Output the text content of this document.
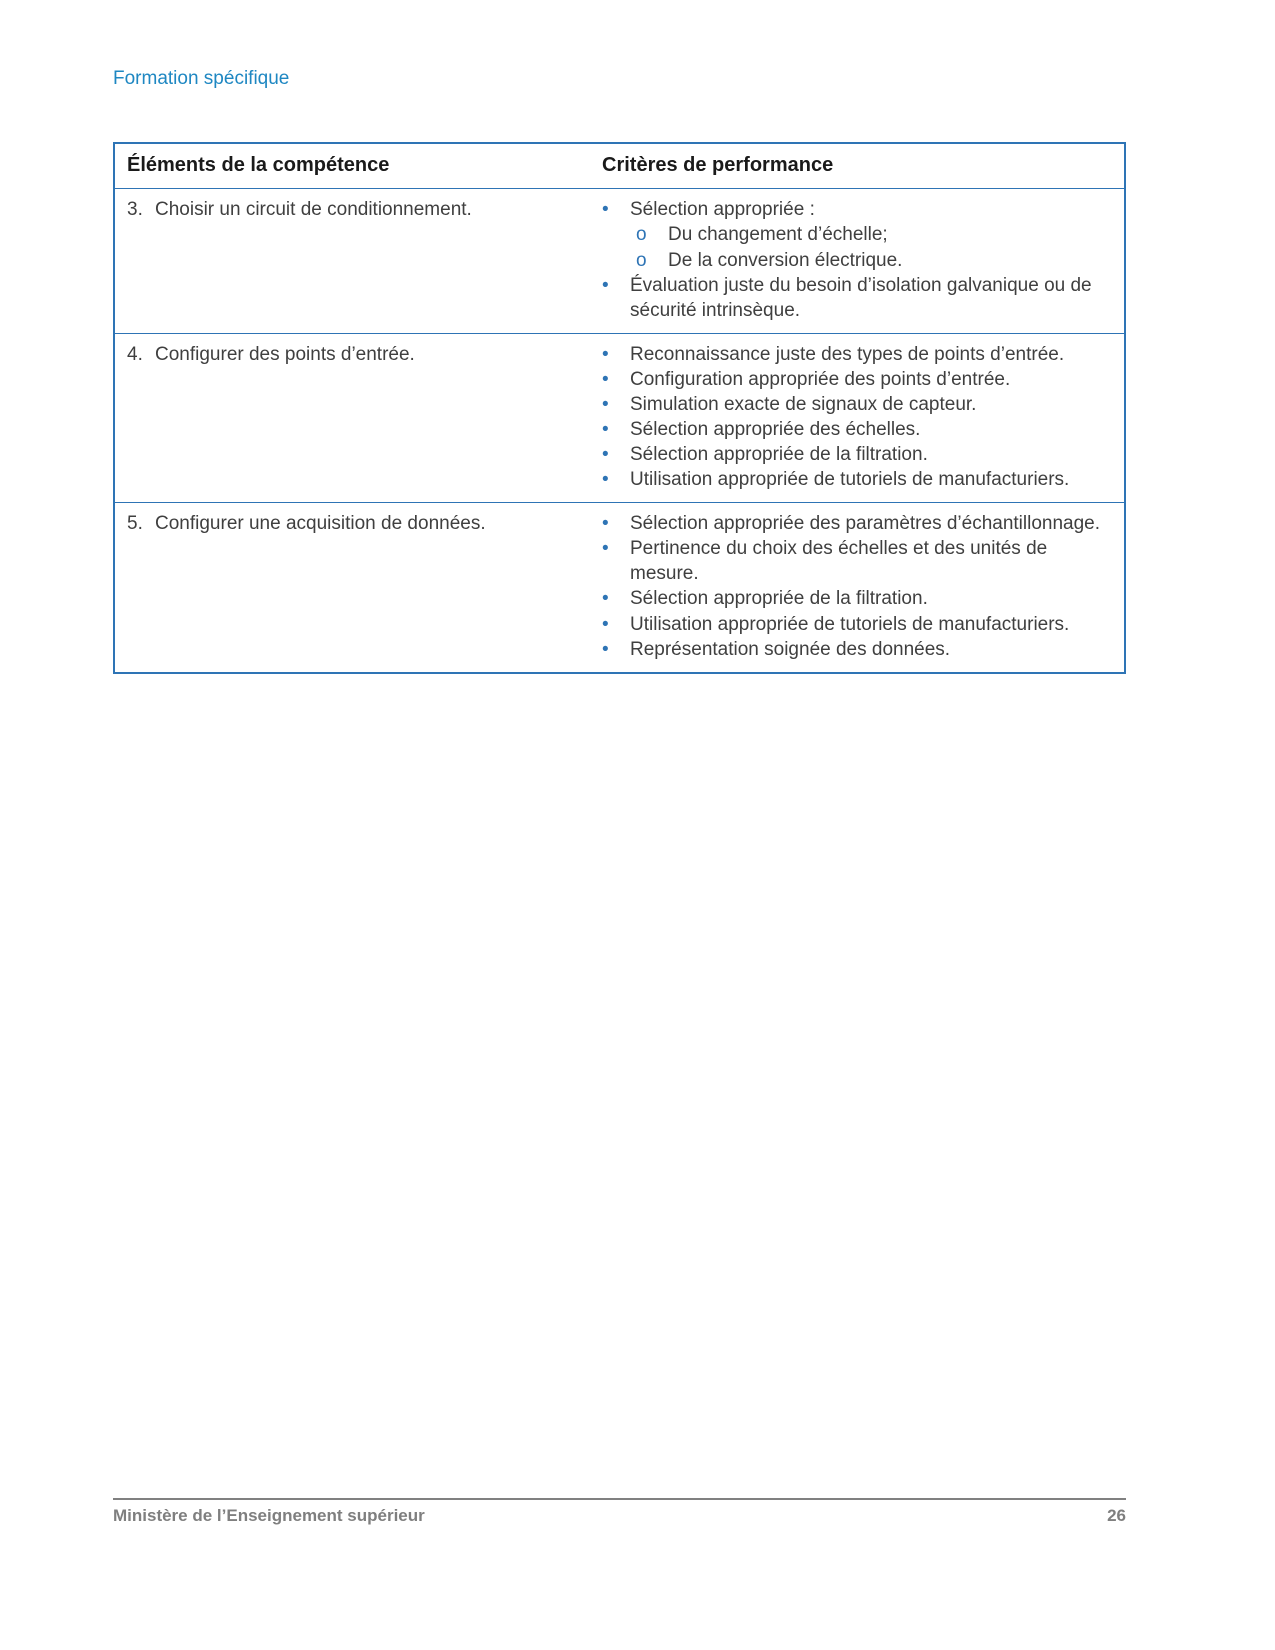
Formation spécifique
Éléments de la compétence	Critères de performance
3. Choisir un circuit de conditionnement.	•	Sélection appropriée :
o	Du changement d’échelle;
o	De la conversion électrique.
•	Évaluation juste du besoin d’isolation galvanique ou de sécurité intrinsèque.
4. Configurer des points d’entrée.	•	Reconnaissance juste des types de points d’entrée.
•	Configuration appropriée des points d’entrée.
•	Simulation exacte de signaux de capteur.
•	Sélection appropriée des échelles.
•	Sélection appropriée de la filtration.
•	Utilisation appropriée de tutoriels de manufacturiers.
5. Configurer une acquisition de données.	•	Sélection appropriée des paramètres d’échantillonnage.
•	Pertinence du choix des échelles et des unités de mesure.
•	Sélection appropriée de la filtration.
•	Utilisation appropriée de tutoriels de manufacturiers.
•	Représentation soignée des données.
Ministère de l’Enseignement supérieur	26
